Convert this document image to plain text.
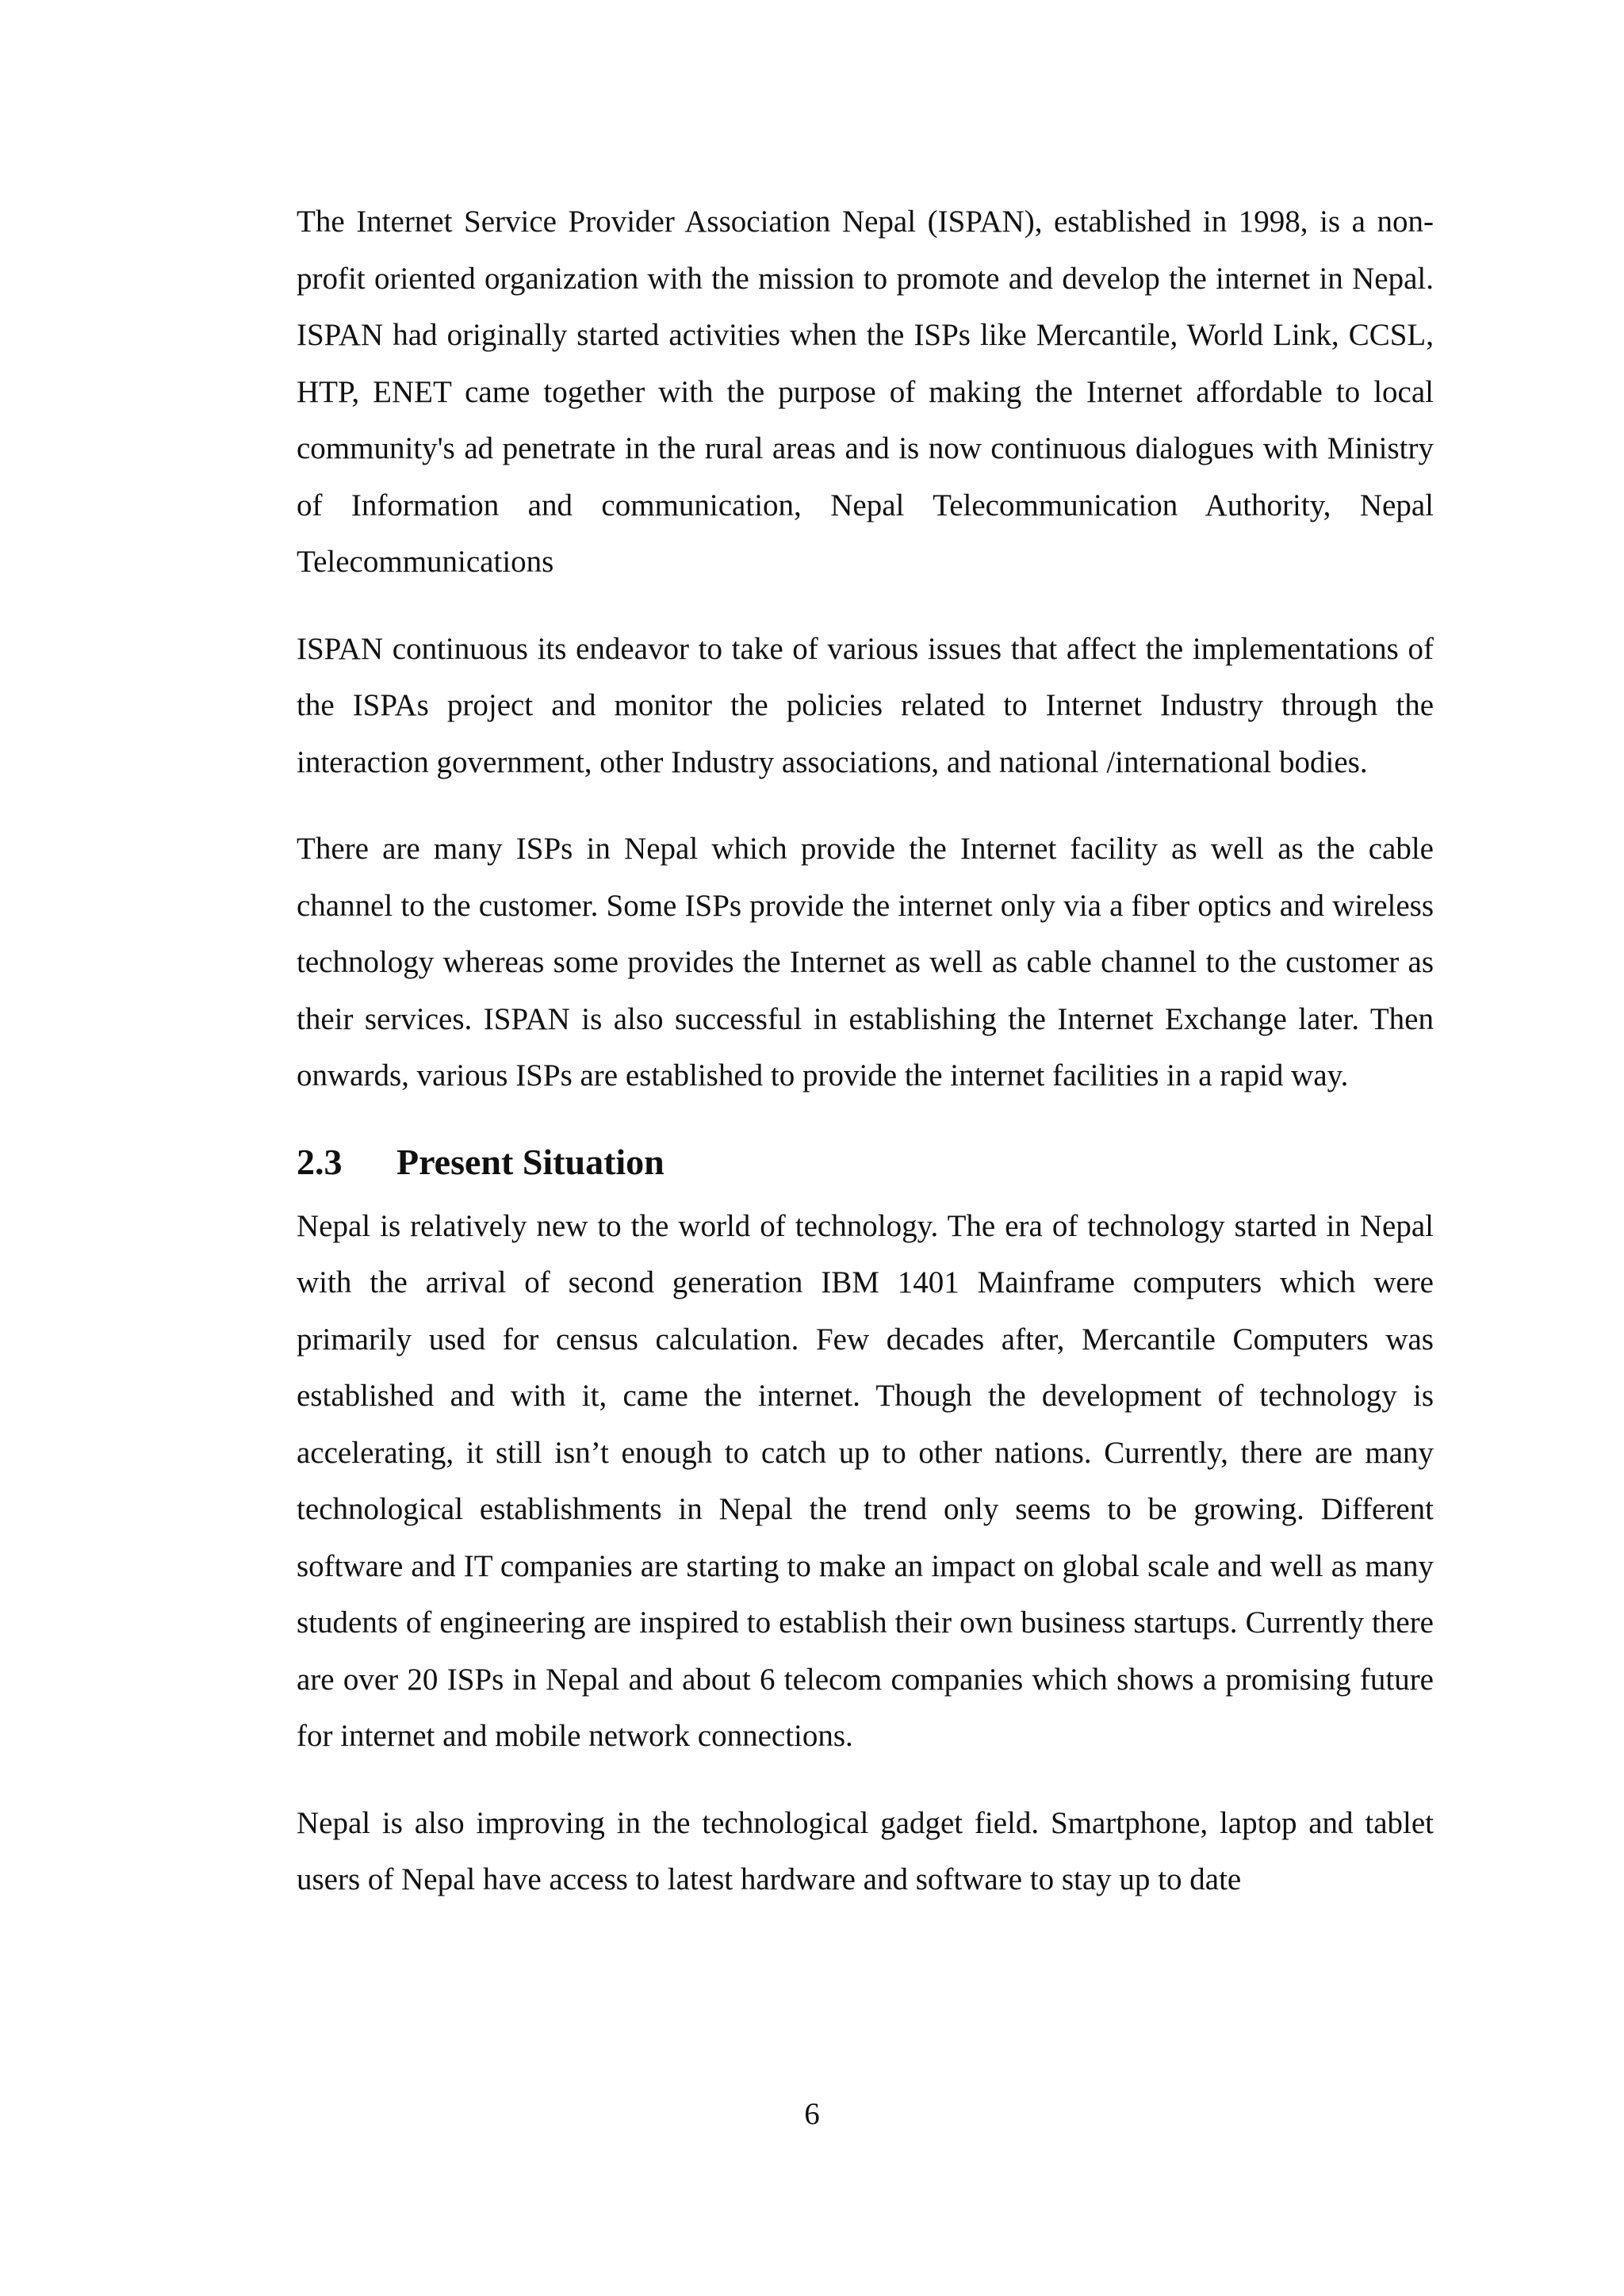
The Internet Service Provider Association Nepal (ISPAN), established in 1998, is a non-profit oriented organization with the mission to promote and develop the internet in Nepal. ISPAN had originally started activities when the ISPs like Mercantile, World Link, CCSL, HTP, ENET came together with the purpose of making the Internet affordable to local community's ad penetrate in the rural areas and is now continuous dialogues with Ministry of Information and communication, Nepal Telecommunication Authority, Nepal Telecommunications

ISPAN continuous its endeavor to take of various issues that affect the implementations of the ISPAs project and monitor the policies related to Internet Industry through the interaction government, other Industry associations, and national /international bodies.

There are many ISPs in Nepal which provide the Internet facility as well as the cable channel to the customer. Some ISPs provide the internet only via a fiber optics and wireless technology whereas some provides the Internet as well as cable channel to the customer as their services. ISPAN is also successful in establishing the Internet Exchange later. Then onwards, various ISPs are established to provide the internet facilities in a rapid way.

2.3	Present Situation

Nepal is relatively new to the world of technology. The era of technology started in Nepal with the arrival of second generation IBM 1401 Mainframe computers which were primarily used for census calculation. Few decades after, Mercantile Computers was established and with it, came the internet. Though the development of technology is accelerating, it still isn’t enough to catch up to other nations. Currently, there are many technological establishments in Nepal the trend only seems to be growing. Different software and IT companies are starting to make an impact on global scale and well as many students of engineering are inspired to establish their own business startups. Currently there are over 20 ISPs in Nepal and about 6 telecom companies which shows a promising future for internet and mobile network connections.

Nepal is also improving in the technological gadget field. Smartphone, laptop and tablet users of Nepal have access to latest hardware and software to stay up to date

6
